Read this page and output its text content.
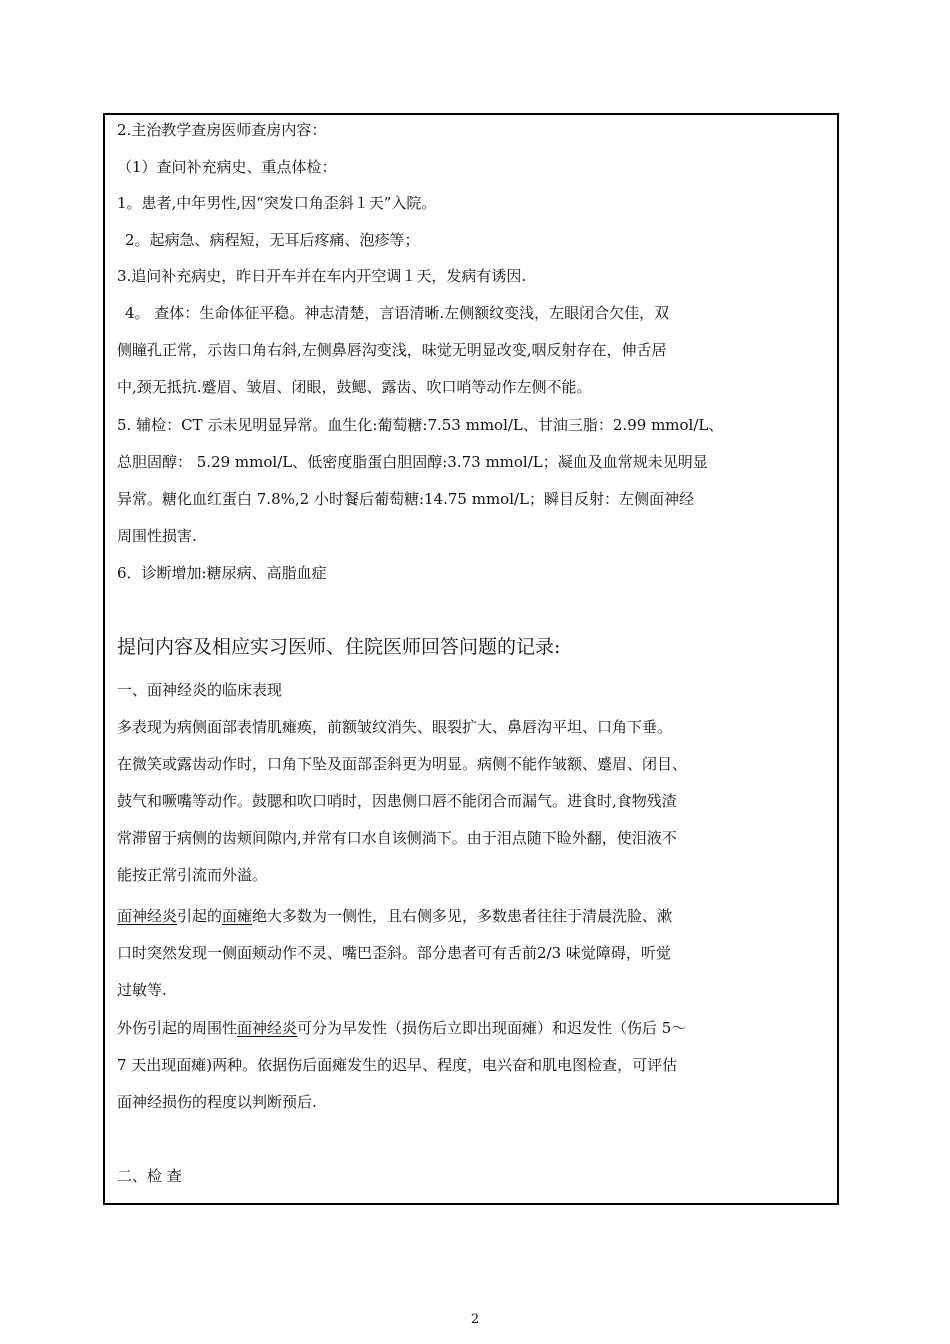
2.主治教学查房医师查房内容：
（1）查问补充病史、重点体检：
1。患者,中年男性,因“突发口角歪斜１天”入院。
2。起病急、病程短，无耳后疼痛、泡疹等；
3.追问补充病史，昨日开车并在车内开空调１天，发病有诱因.
4。 查体：生命体征平稳。神志清楚，言语清晰.左侧额纹变浅，左眼闭合欠佳，双
侧瞳孔正常，示齿口角右斜,左侧鼻唇沟变浅，味觉无明显改变,咽反射存在，伸舌居
中,颈无抵抗.蹙眉、皱眉、闭眼，鼓鳃、露齿、吹口哨等动作左侧不能。
5. 辅检：CT 示未见明显异常。血生化:葡萄糖:7.53 mmol/L、甘油三脂：2.99 mmol/L、
总胆固醇： 5.29 mmol/L、低密度脂蛋白胆固醇:3.73 mmol/L；凝血及血常规未见明显
异常。糖化血红蛋白 7.8%,2 小时餐后葡萄糖:14.75 mmol/L；瞬目反射：左侧面神经
周围性损害.
6．诊断增加:糖尿病、高脂血症
提问内容及相应实习医师、住院医师回答问题的记录:
一、面神经炎的临床表现
多表现为病侧面部表情肌瘫痪，前额皱纹消失、眼裂扩大、鼻唇沟平坦、口角下垂。
在微笑或露齿动作时，口角下坠及面部歪斜更为明显。病侧不能作皱额、蹙眉、闭目、
鼓气和噘嘴等动作。鼓腮和吹口哨时，因患侧口唇不能闭合而漏气。进食时,食物残渣
常滞留于病侧的齿颊间隙内,并常有口水自该侧淌下。由于泪点随下睑外翻，使泪液不
能按正常引流而外溢。
面神经炎引起的面瘫绝大多数为一侧性，且右侧多见，多数患者往往于清晨洗脸、漱
口时突然发现一侧面颊动作不灵、嘴巴歪斜。部分患者可有舌前2/3 味觉障碍，听觉
过敏等.
外伤引起的周围性面神经炎可分为早发性（损伤后立即出现面瘫）和迟发性（伤后 5～
7 天出现面瘫)两种。依据伤后面瘫发生的迟早、程度，电兴奋和肌电图检查，可评估
面神经损伤的程度以判断预后.
二、检 查
2
